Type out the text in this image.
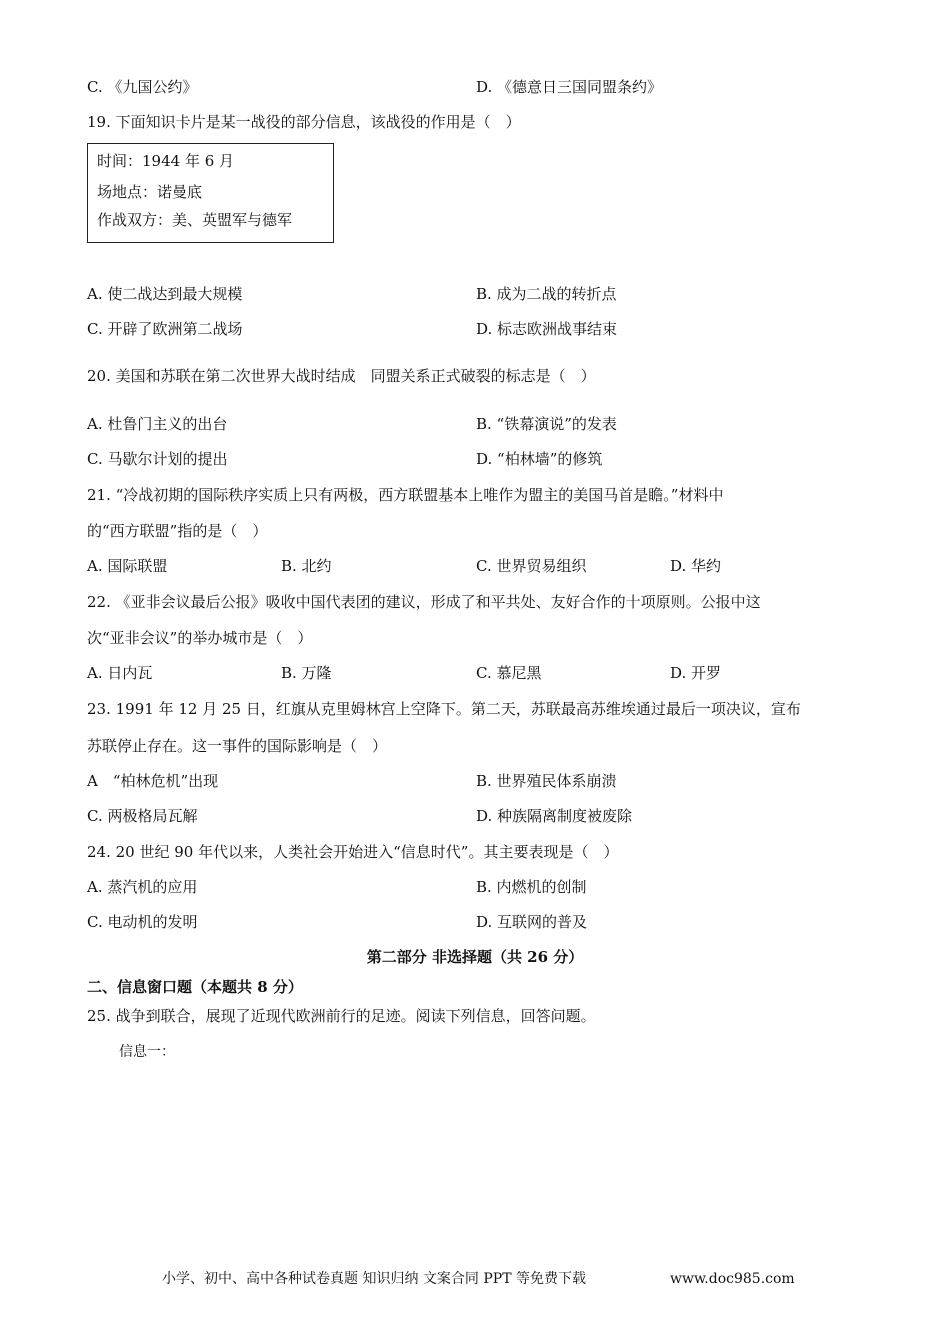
C. 《九国公约》	D. 《德意日三国同盟条约》
19. 下面知识卡片是某一战役的部分信息，该战役的作用是（　）
时间：1944 年 6 月
场地点：诺曼底
作战双方：美、英盟军与德军
A. 使二战达到最大规模	B. 成为二战的转折点
C. 开辟了欧洲第二战场	D. 标志欧洲战事结束
20. 美国和苏联在第二次世界大战时结成　同盟关系正式破裂的标志是（　）
A. 杜鲁门主义的出台	B. “铁幕演说”的发表
C. 马歇尔计划的提出	D. “柏林墙”的修筑
21. “冷战初期的国际秩序实质上只有两极，西方联盟基本上唯作为盟主的美国马首是瞻。”材料中
的“西方联盟”指的是（　）
A. 国际联盟	B. 北约	C. 世界贸易组织	D. 华约
22. 《亚非会议最后公报》吸收中国代表团的建议，形成了和平共处、友好合作的十项原则。公报中这
次“亚非会议”的举办城市是（　）
A. 日内瓦	B. 万隆	C. 慕尼黑	D. 开罗
23. 1991 年 12 月 25 日，红旗从克里姆林宫上空降下。第二天，苏联最高苏维埃通过最后一项决议，宣布
苏联停止存在。这一事件的国际影响是（　）
A　“柏林危机”出现	B. 世界殖民体系崩溃
C. 两极格局瓦解	D. 种族隔离制度被废除
24. 20 世纪 90 年代以来，人类社会开始进入“信息时代”。其主要表现是（　）
A. 蒸汽机的应用	B. 内燃机的创制
C. 电动机的发明	D. 互联网的普及
第二部分 非选择题（共 26 分）
二、信息窗口题（本题共 8 分）
25. 战争到联合，展现了近现代欧洲前行的足迹。阅读下列信息，回答问题。
信息一：
小学、初中、高中各种试卷真题 知识归纳 文案合同 PPT 等免费下载	www.doc985.com
